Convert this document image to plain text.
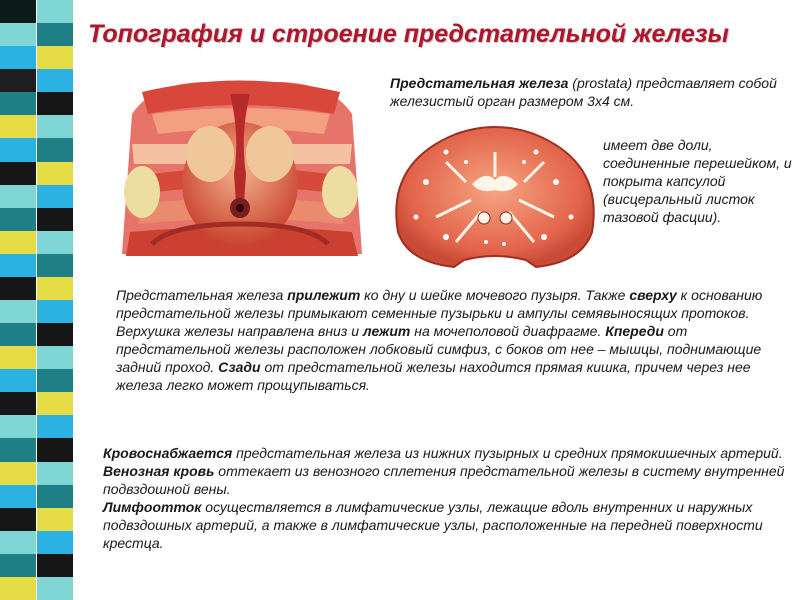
Топография и строение предстательной железы
Предстательная железа (prostata) представляет собой железистый орган размером 3х4 см.
имеет две доли, соединенные перешейком, и покрыта капсулой (висцеральный листок тазовой фасции).
Предстательная железа прилежит ко дну и шейке мочевого пузыря. Также сверху к основанию предстательной железы примыкают семенные пузырьки и ампулы семявыносящих протоков. Верхушка железы направлена вниз и лежит на мочеполовой диафрагме. Кпереди от предстательной железы расположен лобковый симфиз, с боков от нее – мышцы, поднимающие задний проход. Сзади от предстательной железы находится прямая кишка, причем через нее железа легко может прощупываться.
Кровоснабжается предстательная железа из нижних пузырных и средних прямокишечных артерий.
Венозная кровь оттекает из венозного сплетения предстательной железы в систему внутренней подвздошной вены.
Лимфоотток осуществляется в лимфатические узлы, лежащие вдоль внутренних и наружных подвздошных артерий, а также в лимфатические узлы, расположенные на передней поверхности крестца.
